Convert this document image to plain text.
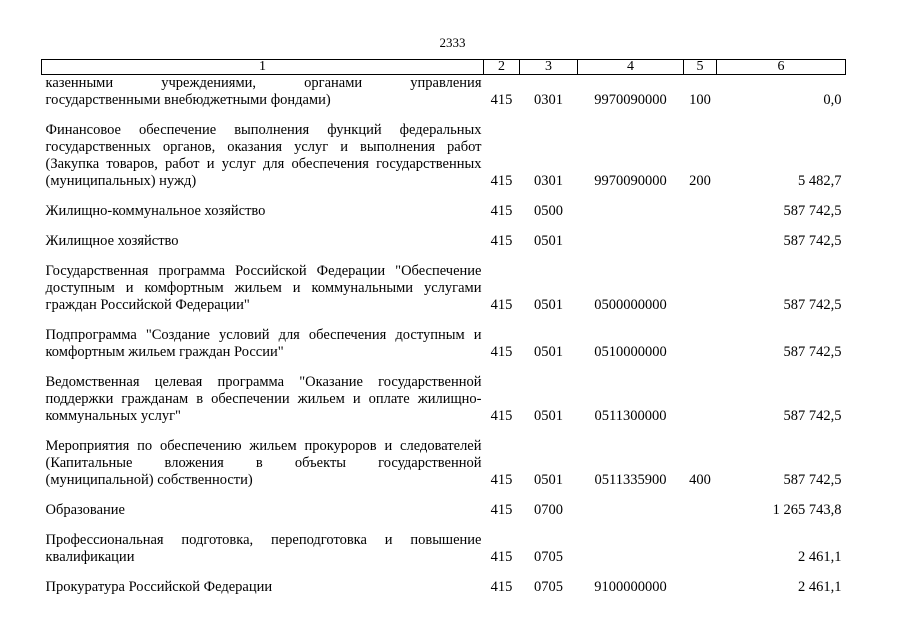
2333
1	2	3	4	5	6

казенными учреждениями, органами управления
государственными внебюджетными фондами)	415	0301	9970090000	100	0,0

Финансовое обеспечение выполнения функций федеральных
государственных органов, оказания услуг и выполнения работ
(Закупка товаров, работ и услуг для обеспечения государственных
(муниципальных) нужд)	415	0301	9970090000	200	5 482,7

Жилищно-коммунальное хозяйство	415	0500			587 742,5

Жилищное хозяйство	415	0501			587 742,5

Государственная программа Российской Федерации "Обеспечение
доступным и комфортным жильем и коммунальными услугами
граждан Российской Федерации"	415	0501	0500000000		587 742,5

Подпрограмма "Создание условий для обеспечения доступным и
комфортным жильем граждан России"	415	0501	0510000000		587 742,5

Ведомственная целевая программа "Оказание государственной
поддержки гражданам в обеспечении жильем и оплате жилищно-
коммунальных услуг"	415	0501	0511300000		587 742,5

Мероприятия по обеспечению жильем прокуроров и следователей
(Капитальные вложения в объекты государственной
(муниципальной) собственности)	415	0501	0511335900	400	587 742,5

Образование	415	0700			1 265 743,8

Профессиональная подготовка, переподготовка и повышение
квалификации	415	0705			2 461,1

Прокуратура Российской Федерации	415	0705	9100000000		2 461,1
